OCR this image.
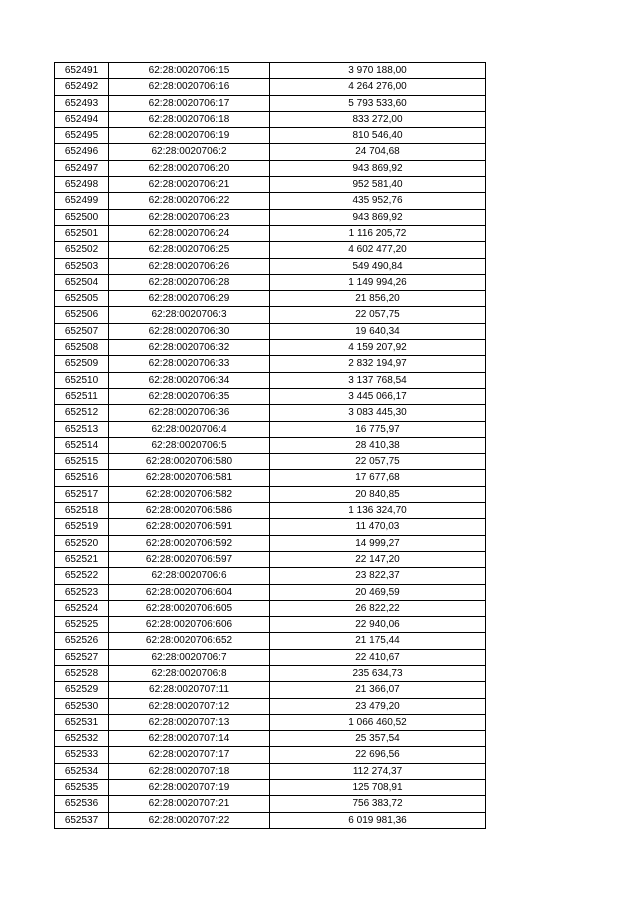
652491	62:28:0020706:15	3 970 188,00
652492	62:28:0020706:16	4 264 276,00
652493	62:28:0020706:17	5 793 533,60
652494	62:28:0020706:18	833 272,00
652495	62:28:0020706:19	810 546,40
652496	62:28:0020706:2	24 704,68
652497	62:28:0020706:20	943 869,92
652498	62:28:0020706:21	952 581,40
652499	62:28:0020706:22	435 952,76
652500	62:28:0020706:23	943 869,92
652501	62:28:0020706:24	1 116 205,72
652502	62:28:0020706:25	4 602 477,20
652503	62:28:0020706:26	549 490,84
652504	62:28:0020706:28	1 149 994,26
652505	62:28:0020706:29	21 856,20
652506	62:28:0020706:3	22 057,75
652507	62:28:0020706:30	19 640,34
652508	62:28:0020706:32	4 159 207,92
652509	62:28:0020706:33	2 832 194,97
652510	62:28:0020706:34	3 137 768,54
652511	62:28:0020706:35	3 445 066,17
652512	62:28:0020706:36	3 083 445,30
652513	62:28:0020706:4	16 775,97
652514	62:28:0020706:5	28 410,38
652515	62:28:0020706:580	22 057,75
652516	62:28:0020706:581	17 677,68
652517	62:28:0020706:582	20 840,85
652518	62:28:0020706:586	1 136 324,70
652519	62:28:0020706:591	11 470,03
652520	62:28:0020706:592	14 999,27
652521	62:28:0020706:597	22 147,20
652522	62:28:0020706:6	23 822,37
652523	62:28:0020706:604	20 469,59
652524	62:28:0020706:605	26 822,22
652525	62:28:0020706:606	22 940,06
652526	62:28:0020706:652	21 175,44
652527	62:28:0020706:7	22 410,67
652528	62:28:0020706:8	235 634,73
652529	62:28:0020707:11	21 366,07
652530	62:28:0020707:12	23 479,20
652531	62:28:0020707:13	1 066 460,52
652532	62:28:0020707:14	25 357,54
652533	62:28:0020707:17	22 696,56
652534	62:28:0020707:18	112 274,37
652535	62:28:0020707:19	125 708,91
652536	62:28:0020707:21	756 383,72
652537	62:28:0020707:22	6 019 981,36
